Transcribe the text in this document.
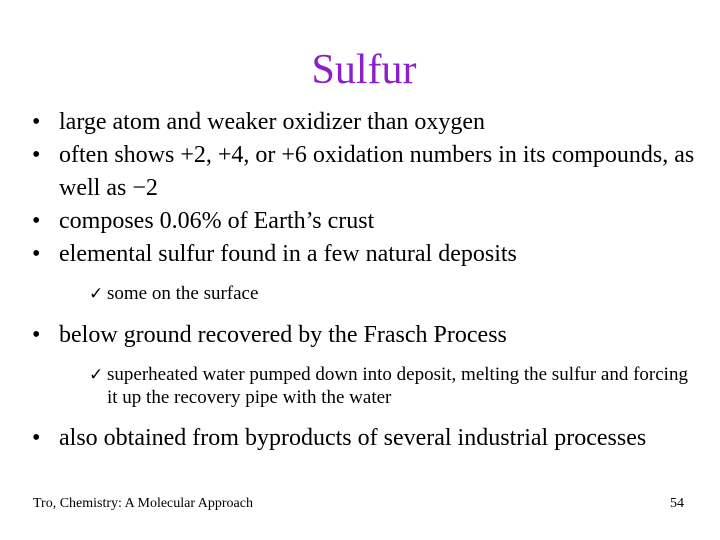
Sulfur
• large atom and weaker oxidizer than oxygen
• often shows +2, +4, or +6 oxidation numbers in its compounds, as well as −2
• composes 0.06% of Earth’s crust
• elemental sulfur found in a few natural deposits
✓ some on the surface
• below ground recovered by the Frasch Process
✓ superheated water pumped down into deposit, melting the sulfur and forcing it up the recovery pipe with the water
• also obtained from byproducts of several industrial processes
Tro, Chemistry: A Molecular Approach	54
